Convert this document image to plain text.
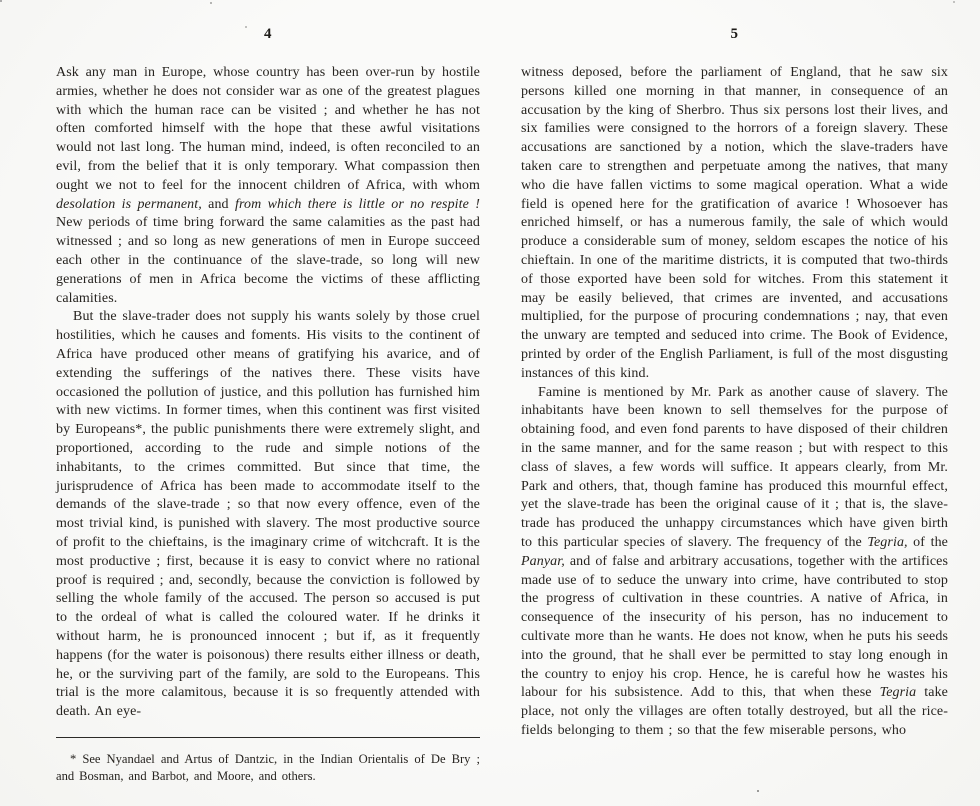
4

Ask any man in Europe, whose country has been over-run by hostile armies, whether he does not consider war as one of the greatest plagues with which the human race can be visited ; and whether he has not often comforted himself with the hope that these awful visitations would not last long. The human mind, indeed, is often reconciled to an evil, from the belief that it is only temporary. What compassion then ought we not to feel for the innocent children of Africa, with whom desolation is permanent, and from which there is little or no respite ! New periods of time bring forward the same calamities as the past had witnessed ; and so long as new generations of men in Europe succeed each other in the continuance of the slave-trade, so long will new generations of men in Africa become the victims of these afflicting calamities.

But the slave-trader does not supply his wants solely by those cruel hostilities, which he causes and foments. His visits to the continent of Africa have produced other means of gratifying his avarice, and of extending the sufferings of the natives there. These visits have occasioned the pollution of justice, and this pollution has furnished him with new victims. In former times, when this continent was first visited by Europeans*, the public punishments there were extremely slight, and proportioned, according to the rude and simple notions of the inhabitants, to the crimes committed. But since that time, the jurisprudence of Africa has been made to accommodate itself to the demands of the slave-trade ; so that now every offence, even of the most trivial kind, is punished with slavery. The most productive source of profit to the chieftains, is the imaginary crime of witchcraft. It is the most productive ; first, because it is easy to convict where no rational proof is required ; and, secondly, because the conviction is followed by selling the whole family of the accused. The person so accused is put to the ordeal of what is called the coloured water. If he drinks it without harm, he is pronounced innocent ; but if, as it frequently happens (for the water is poisonous) there results either illness or death, he, or the surviving part of the family, are sold to the Europeans. This trial is the more calamitous, because it is so frequently attended with death. An eye-

* See Nyandael and Artus of Dantzic, in the Indian Orientalis of De Bry ; and Bosman, and Barbot, and Moore, and others.

5

witness deposed, before the parliament of England, that he saw six persons killed one morning in that manner, in consequence of an accusation by the king of Sherbro. Thus six persons lost their lives, and six families were consigned to the horrors of a foreign slavery. These accusations are sanctioned by a notion, which the slave-traders have taken care to strengthen and perpetuate among the natives, that many who die have fallen victims to some magical operation. What a wide field is opened here for the gratification of avarice ! Whosoever has enriched himself, or has a numerous family, the sale of which would produce a considerable sum of money, seldom escapes the notice of his chieftain. In one of the maritime districts, it is computed that two-thirds of those exported have been sold for witches. From this statement it may be easily believed, that crimes are invented, and accusations multiplied, for the purpose of procuring condemnations ; nay, that even the unwary are tempted and seduced into crime. The Book of Evidence, printed by order of the English Parliament, is full of the most disgusting instances of this kind.

Famine is mentioned by Mr. Park as another cause of slavery. The inhabitants have been known to sell themselves for the purpose of obtaining food, and even fond parents to have disposed of their children in the same manner, and for the same reason ; but with respect to this class of slaves, a few words will suffice. It appears clearly, from Mr. Park and others, that, though famine has produced this mournful effect, yet the slave-trade has been the original cause of it ; that is, the slave-trade has produced the unhappy circumstances which have given birth to this particular species of slavery. The frequency of the Tegria, of the Panyar, and of false and arbitrary accusations, together with the artifices made use of to seduce the unwary into crime, have contributed to stop the progress of cultivation in these countries. A native of Africa, in consequence of the insecurity of his person, has no inducement to cultivate more than he wants. He does not know, when he puts his seeds into the ground, that he shall ever be permitted to stay long enough in the country to enjoy his crop. Hence, he is careful how he wastes his labour for his subsistence. Add to this, that when these Tegria take place, not only the villages are often totally destroyed, but all the rice-fields belonging to them ; so that the few miserable persons, who
